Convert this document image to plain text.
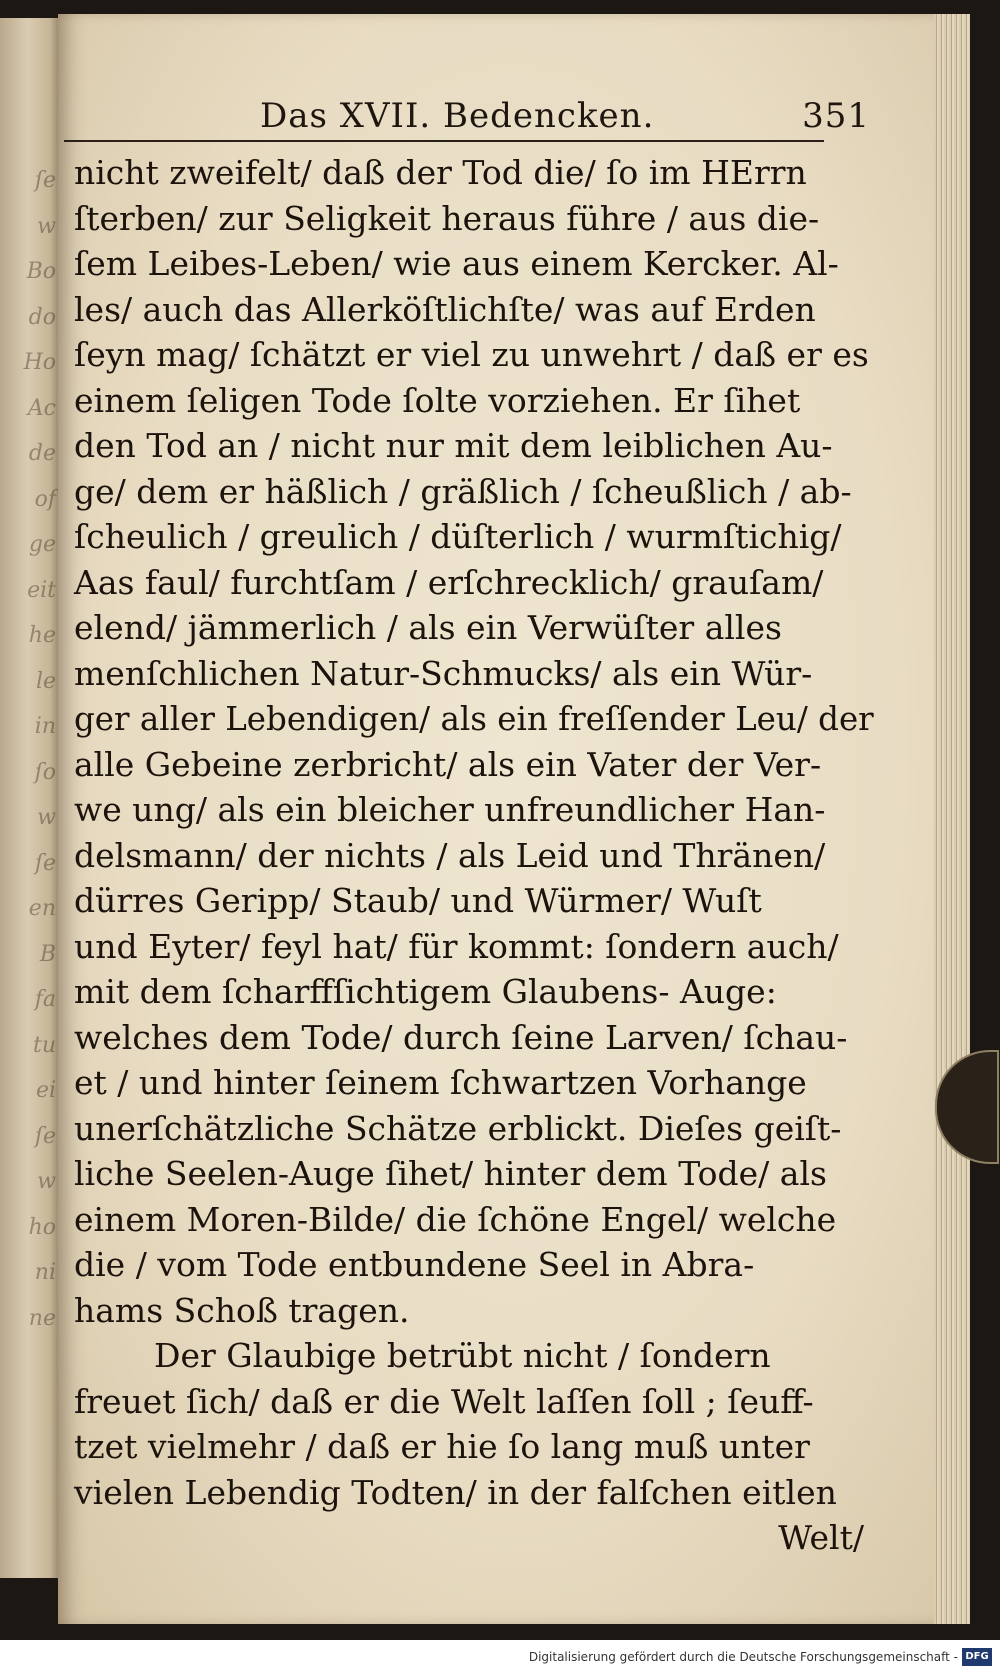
ſe
w
Bo
do
Ho
Ac
de
of
ge
eit
he
le
in
ſo
w
ſe
en
B
fa
tu
ei
ſe
w
ho
ni
ne
Das XVII. Bedencken.	351
nicht zweifelt/ daß der Tod die/ ſo im HErrn
ſterben/ zur Seligkeit heraus führe / aus die-
ſem Leibes-Leben/ wie aus einem Kercker. Al-
les/ auch das Allerköſtlichſte/ was auf Erden
ſeyn mag/ ſchätzt er viel zu unwehrt / daß er es
einem ſeligen Tode ſolte vorziehen. Er ſihet
den Tod an / nicht nur mit dem leiblichen Au-
ge/ dem er häßlich / gräßlich / ſcheußlich / ab-
ſcheulich / greulich / düſterlich / wurmſtichig/
Aas faul/ furchtſam / erſchrecklich/ grauſam/
elend/ jämmerlich / als ein Verwüſter alles
menſchlichen Natur-Schmucks/ als ein Wür-
ger aller Lebendigen/ als ein freſſender Leu/ der
alle Gebeine zerbricht/ als ein Vater der Ver-
we ung/ als ein bleicher unfreundlicher Han-
delsmann/ der nichts / als Leid und Thränen/
dürres Geripp/ Staub/ und Würmer/ Wuſt
und Eyter/ feyl hat/ für kommt: ſondern auch/
mit dem ſcharffſichtigem Glaubens- Auge:
welches dem Tode/ durch ſeine Larven/ ſchau-
et / und hinter ſeinem ſchwartzen Vorhange
unerſchätzliche Schätze erblickt. Dieſes geiſt-
liche Seelen-Auge ſihet/ hinter dem Tode/ als
einem Moren-Bilde/ die ſchöne Engel/ welche
die / vom Tode entbundene Seel in Abra-
hams Schoß tragen.
Der Glaubige betrübt nicht / ſondern
freuet ſich/ daß er die Welt laſſen ſoll ; ſeuff-
tzet vielmehr / daß er hie ſo lang muß unter
vielen Lebendig Todten/ in der falſchen eitlen
Welt/
Digitalisierung gefördert durch die Deutsche Forschungsgemeinschaft - DFG
